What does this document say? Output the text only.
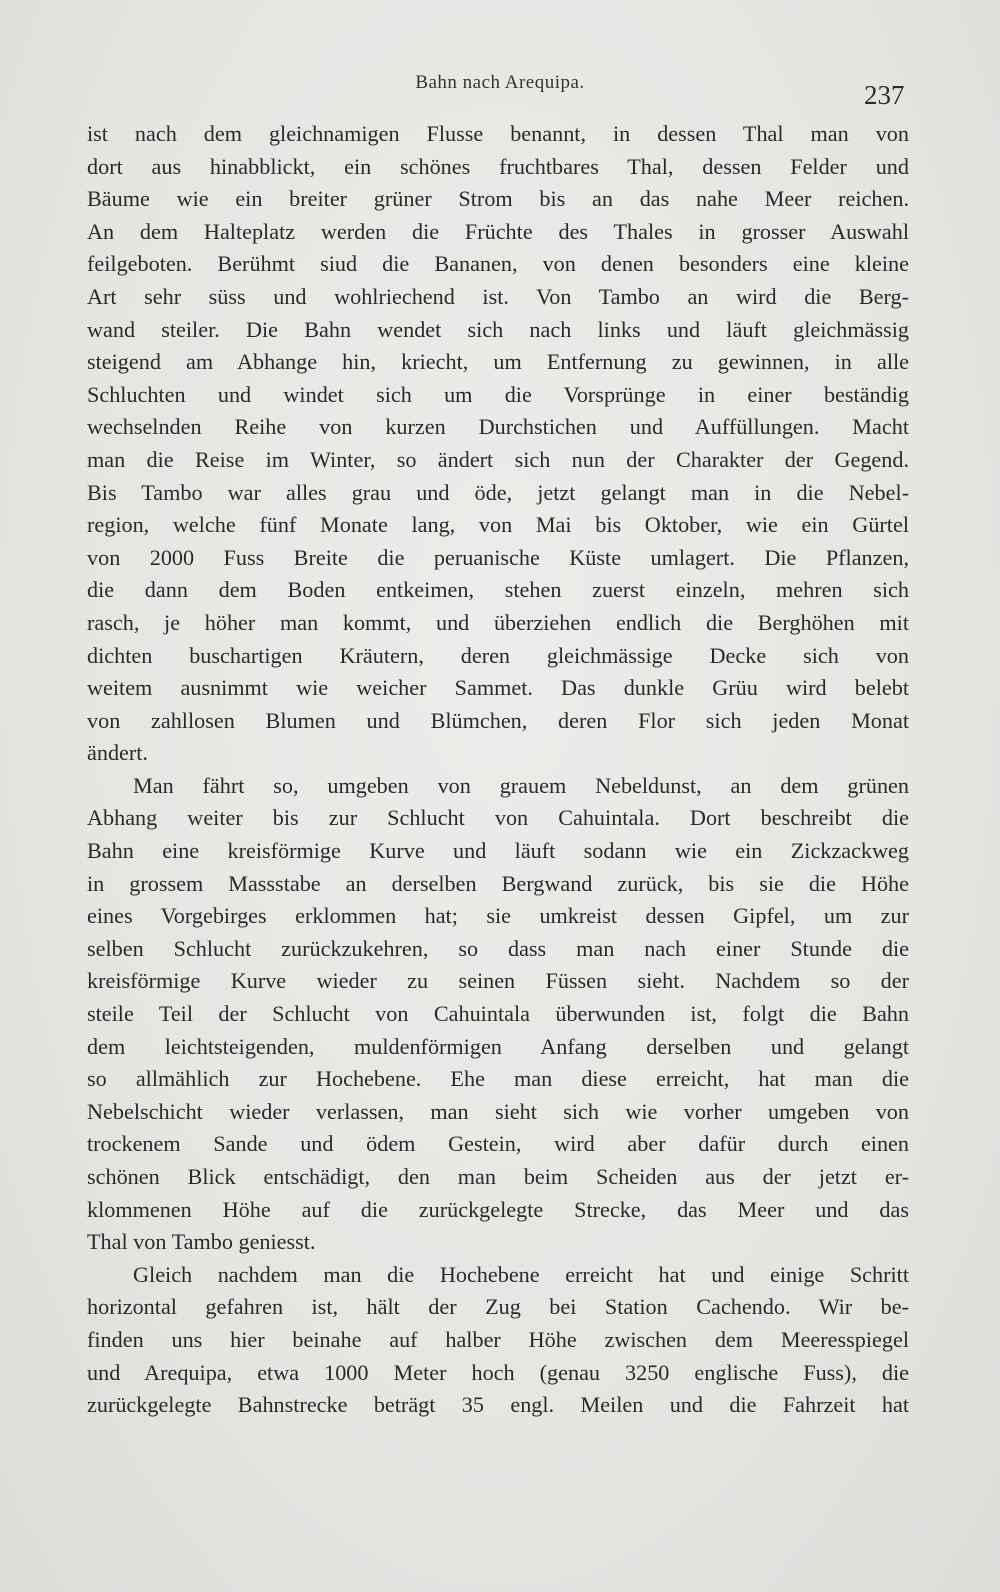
Bahn nach Arequipa.	237
ist nach dem gleichnamigen Flusse benannt, in dessen Thal man von
dort aus hinabblickt, ein schönes fruchtbares Thal, dessen Felder und
Bäume wie ein breiter grüner Strom bis an das nahe Meer reichen.
An dem Halteplatz werden die Früchte des Thales in grosser Auswahl
feilgeboten. Berühmt siud die Bananen, von denen besonders eine kleine
Art sehr süss und wohlriechend ist. Von Tambo an wird die Berg-
wand steiler. Die Bahn wendet sich nach links und läuft gleichmässig
steigend am Abhange hin, kriecht, um Entfernung zu gewinnen, in alle
Schluchten und windet sich um die Vorsprünge in einer beständig
wechselnden Reihe von kurzen Durchstichen und Auffüllungen. Macht
man die Reise im Winter, so ändert sich nun der Charakter der Gegend.
Bis Tambo war alles grau und öde, jetzt gelangt man in die Nebel-
region, welche fünf Monate lang, von Mai bis Oktober, wie ein Gürtel
von 2000 Fuss Breite die peruanische Küste umlagert. Die Pflanzen,
die dann dem Boden entkeimen, stehen zuerst einzeln, mehren sich
rasch, je höher man kommt, und überziehen endlich die Berghöhen mit
dichten buschartigen Kräutern, deren gleichmässige Decke sich von
weitem ausnimmt wie weicher Sammet. Das dunkle Grüu wird belebt
von zahllosen Blumen und Blümchen, deren Flor sich jeden Monat
ändert.
Man fährt so, umgeben von grauem Nebeldunst, an dem grünen
Abhang weiter bis zur Schlucht von Cahuintala. Dort beschreibt die
Bahn eine kreisförmige Kurve und läuft sodann wie ein Zickzackweg
in grossem Massstabe an derselben Bergwand zurück, bis sie die Höhe
eines Vorgebirges erklommen hat; sie umkreist dessen Gipfel, um zur
selben Schlucht zurückzukehren, so dass man nach einer Stunde die
kreisförmige Kurve wieder zu seinen Füssen sieht. Nachdem so der
steile Teil der Schlucht von Cahuintala überwunden ist, folgt die Bahn
dem leichtsteigenden, muldenförmigen Anfang derselben und gelangt
so allmählich zur Hochebene. Ehe man diese erreicht, hat man die
Nebelschicht wieder verlassen, man sieht sich wie vorher umgeben von
trockenem Sande und ödem Gestein, wird aber dafür durch einen
schönen Blick entschädigt, den man beim Scheiden aus der jetzt er-
klommenen Höhe auf die zurückgelegte Strecke, das Meer und das
Thal von Tambo geniesst.
Gleich nachdem man die Hochebene erreicht hat und einige Schritt
horizontal gefahren ist, hält der Zug bei Station Cachendo. Wir be-
finden uns hier beinahe auf halber Höhe zwischen dem Meeresspiegel
und Arequipa, etwa 1000 Meter hoch (genau 3250 englische Fuss), die
zurückgelegte Bahnstrecke beträgt 35 engl. Meilen und die Fahrzeit hat
